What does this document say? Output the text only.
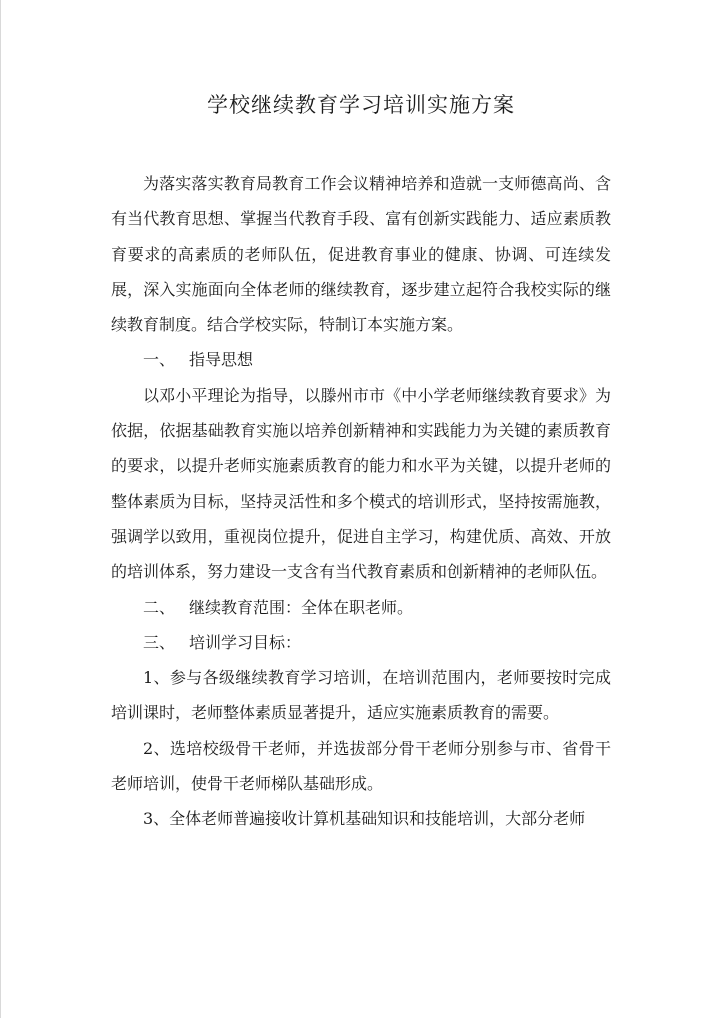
学校继续教育学习培训实施方案

为落实落实教育局教育工作会议精神培养和造就一支师德高尚、含有当代教育思想、掌握当代教育手段、富有创新实践能力、适应素质教育要求的高素质的老师队伍，促进教育事业的健康、协调、可连续发展，深入实施面向全体老师的继续教育，逐步建立起符合我校实际的继续教育制度。结合学校实际，特制订本实施方案。

一、 指导思想

以邓小平理论为指导，以滕州市市《中小学老师继续教育要求》为依据，依据基础教育实施以培养创新精神和实践能力为关键的素质教育的要求，以提升老师实施素质教育的能力和水平为关键，以提升老师的整体素质为目标，坚持灵活性和多个模式的培训形式，坚持按需施教，强调学以致用，重视岗位提升，促进自主学习，构建优质、高效、开放的培训体系，努力建设一支含有当代教育素质和创新精神的老师队伍。

二、 继续教育范围：全体在职老师。

三、 培训学习目标：

1、参与各级继续教育学习培训，在培训范围内，老师要按时完成培训课时，老师整体素质显著提升，适应实施素质教育的需要。

2、选培校级骨干老师，并选拔部分骨干老师分别参与市、省骨干老师培训，使骨干老师梯队基础形成。

3、全体老师普遍接收计算机基础知识和技能培训，大部分老师
